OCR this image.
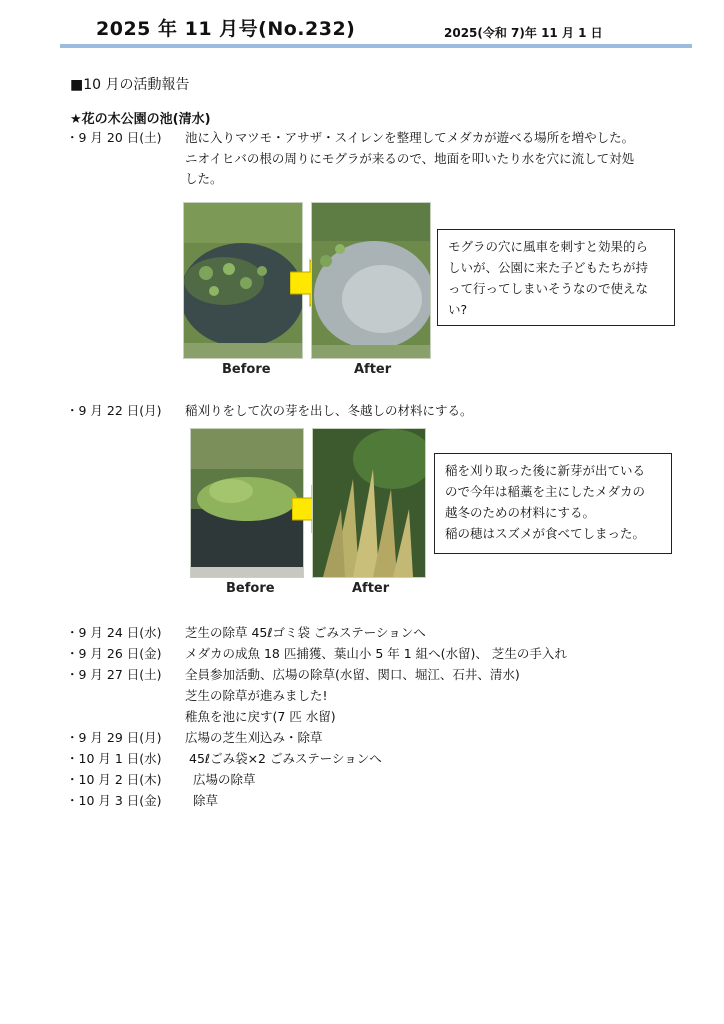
2025 年 11 月号(No.232)	2025(令和 7)年 11 月 1 日
■10 月の活動報告
★花の木公園の池(清水)
・9 月 20 日(土) 池に入りマツモ・アサザ・スイレンを整理してメダカが遊べる場所を増やした。
ニオイヒバの根の周りにモグラが来るので、地面を叩いたり水を穴に流して対処
した。
Before	After
モグラの穴に風車を刺すと効果的ら
しいが、公園に来た子どもたちが持
って行ってしまいそうなので使えな
い?
・9 月 22 日(月) 稲刈りをして次の芽を出し、冬越しの材料にする。
Before	After
稲を刈り取った後に新芽が出ている
ので今年は稲藁を主にしたメダカの
越冬のための材料にする。
稲の穂はスズメが食べてしまった。
・9 月 24 日(水) 芝生の除草 45ℓゴミ袋 ごみステーションへ
・9 月 26 日(金) メダカの成魚 18 匹捕獲、葉山小 5 年 1 組へ(水留)、 芝生の手入れ
・9 月 27 日(土) 全員参加活動、広場の除草(水留、関口、堀江、石井、清水)
芝生の除草が進みました!
稚魚を池に戻す(7 匹 水留)
・9 月 29 日(月) 広場の芝生刈込み・除草
・10 月 1 日(水) 45ℓごみ袋×2 ごみステーションへ
・10 月 2 日(木)	広場の除草
・10 月 3 日(金)	除草
